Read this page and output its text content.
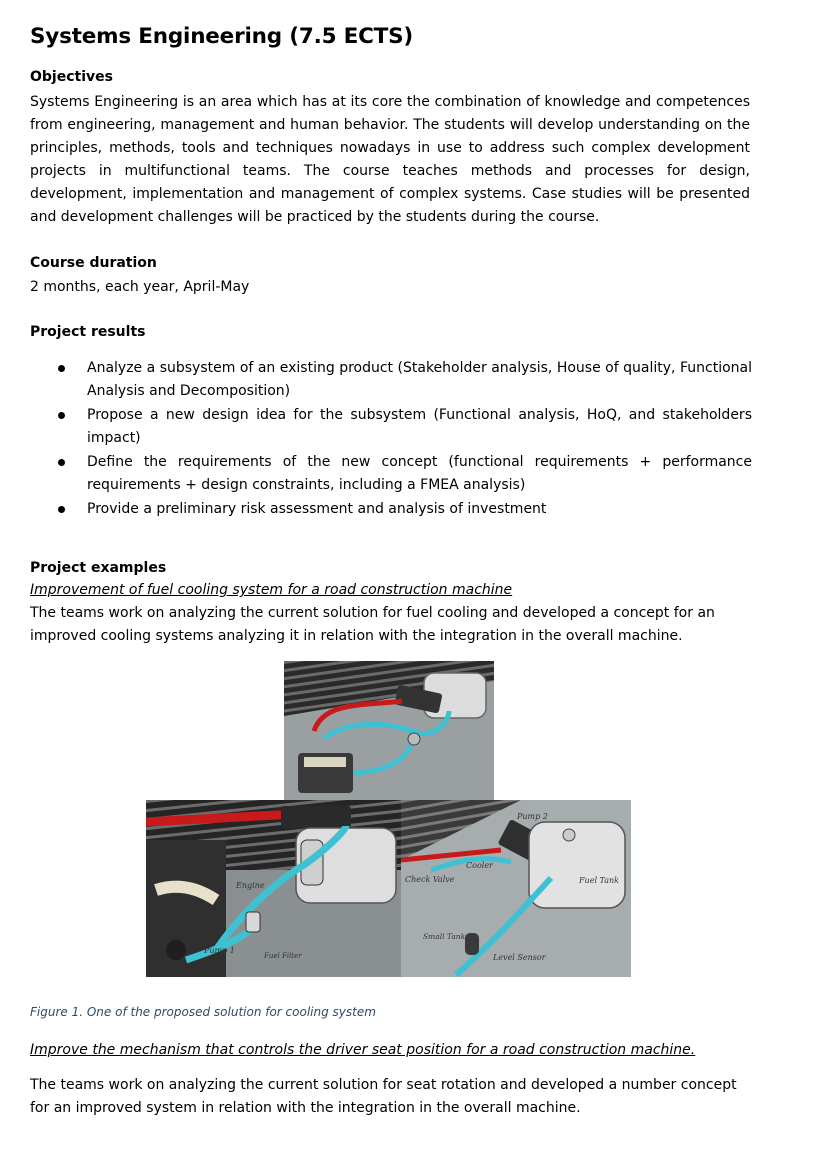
Systems Engineering (7.5 ECTS)
Objectives

Systems Engineering is an area which has at its core the combination of knowledge and competences from engineering, management and human behavior. The students will develop understanding on the principles, methods, tools and techniques nowadays in use to address such complex development projects in multifunctional teams. The course teaches methods and processes for design, development, implementation and management of complex systems. Case studies will be presented and development challenges will be practiced by the students during the course.

Course duration

2 months, each year, April-May

Project results
Analyze a subsystem of an existing product (Stakeholder analysis, House of quality, Functional Analysis and Decomposition)
Propose a new design idea for the subsystem (Functional analysis, HoQ, and stakeholders impact)
Define the requirements of the new concept (functional requirements + performance requirements + design constraints, including a FMEA analysis)
Provide a preliminary risk assessment and analysis of investment
Project examples

Improvement of fuel cooling system for a road construction machine

The teams work on analyzing the current solution for fuel cooling and developed a concept for an improved cooling systems analyzing it in relation with the integration in the overall machine.

Engine
Pump 1
Fuel Filter
Pump 2
Cooler
Check Valve	Fuel Tank
Small Tank
Level Sensor

Figure 1. One of the proposed solution for cooling system

Improve the mechanism that controls the driver seat position for a road construction machine.

The teams work on analyzing the current solution for seat rotation and developed a number concept for an improved system in relation with the integration in the overall machine.
